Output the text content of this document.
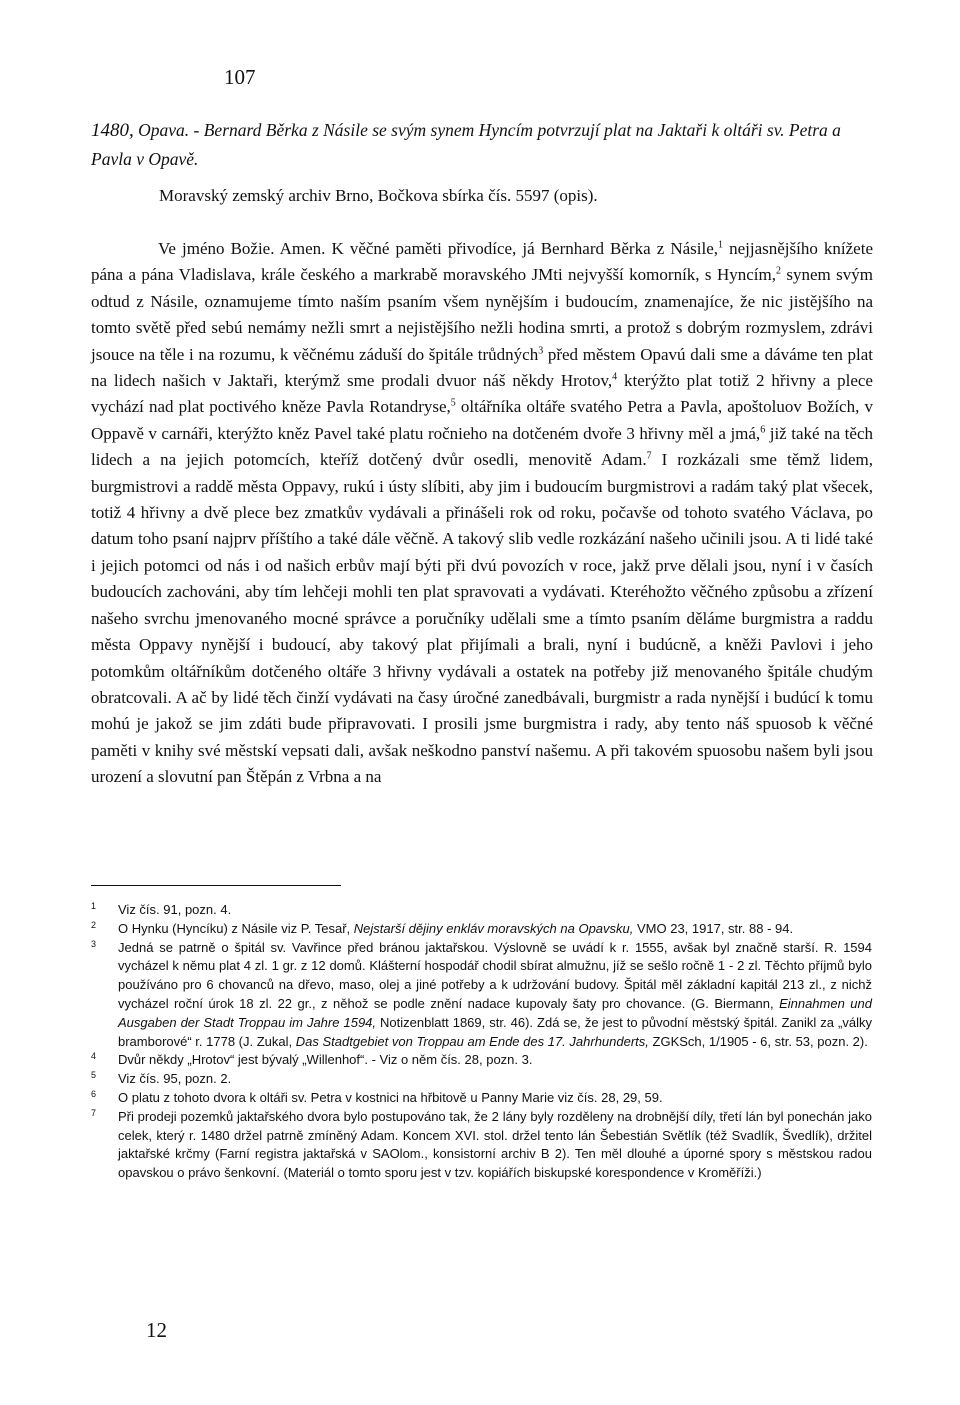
107
1480, Opava. - Bernard Běrka z Násile se svým synem Hyncím potvrzují plat na Jaktaři k oltáři sv. Petra a Pavla v Opavě.
Moravský zemský archiv Brno, Bočkova sbírka čís. 5597 (opis).
Ve jméno Božie. Amen. K věčné paměti přivodíce, já Bernhard Běrka z Násile,$^1$ nejjasnějšího knížete pána a pána Vladislava, krále českého a markrabě moravského JMti nejvyšší komorník, s Hyncím,$^2$ synem svým odtud z Násile, oznamujeme tímto naším psaním všem nynějším i budoucím, znamenajíce, že nic jistějšího na tomto světě před sebú nemámy nežli smrt a nejistějšího nežli hodina smrti, a protož s dobrým rozmyslem, zdrávi jsouce na těle i na rozumu, k věčnému záduší do špitále trůdných$^3$ před městem Opavú dali sme a dáváme ten plat na lidech našich v Jaktaři, kterýmž sme prodali dvuor náš někdy Hrotov,$^4$ kterýžto plat totiž 2 hřivny a plece vychází nad plat poctivého kněze Pavla Rotandryse,$^5$ oltářníka oltáře svatého Petra a Pavla, apoštoluov Božích, v Oppavě v carnáři, kterýžto kněz Pavel také platu ročnieho na dotčeném dvoře 3 hřivny měl a jmá,$^6$ již také na těch lidech a na jejich potomcích, kteříž dotčený dvůr osedli, menovitě Adam.$^7$ I rozkázali sme těmž lidem, burgmistrovi a raddě města Oppavy, rukú i ústy slíbiti, aby jim i budoucím burgmistrovi a radám taký plat všecek, totiž 4 hřivny a dvě plece bez zmatkův vydávali a přinášeli rok od roku, počavše od tohoto svatého Václava, po datum toho psaní najprv příštího a také dále věčně. A takový slib vedle rozkázání našeho učinili jsou. A ti lidé také i jejich potomci od nás i od našich erbův mají býti při dvú povozích v roce, jakž prve dělali jsou, nyní i v časích budoucích zachováni, aby tím lehčeji mohli ten plat spravovati a vydávati. Kteréhožto věčného způsobu a zřízení našeho svrchu jmenovaného mocné správce a poručníky udělali sme a tímto psaním děláme burgmistra a raddu města Oppavy nynější i budoucí, aby takový plat přijímali a brali, nyní i budúcně, a kněži Pavlovi i jeho potomkům oltářníkům dotčeného oltáře 3 hřivny vydávali a ostatek na potřeby již menovaného špitále chudým obratcovali. A ač by lidé těch činží vydávati na časy úročné zanedbávali, burgmistr a rada nynější i budúcí k tomu mohú je jakož se jim zdáti bude připravovati. I prosili jsme burgmistra i rady, aby tento náš spuosob k věčné paměti v knihy své městskí vepsati dali, avšak neškodno panství našemu. A při takovém spuosobu našem byli jsou urození a slovutní pan Štěpán z Vrbna a na
1 Viz čís. 91, pozn. 4.
2 O Hynku (Hyncíku) z Násile viz P. Tesař, Nejstarší dějiny enkláv moravských na Opavsku, VMO 23, 1917, str. 88 - 94.
3 Jedná se patrně o špitál sv. Vavřince před bránou jaktařskou. Výslovně se uvádí k r. 1555, avšak byl značně starší. R. 1594 vycházel k němu plat 4 zl. 1 gr. z 12 domů. Klášterní hospodář chodil sbírat almužnu, jíž se sešlo ročně 1 - 2 zl. Těchto příjmů bylo používáno pro 6 chovanců na dřevo, maso, olej a jiné potřeby a k udržování budovy. Špitál měl základní kapitál 213 zl., z nichž vycházel roční úrok 18 zl. 22 gr., z něhož se podle znění nadace kupovaly šaty pro chovance. (G. Biermann, Einnahmen und Ausgaben der Stadt Troppau im Jahre 1594, Notizenblatt 1869, str. 46). Zdá se, že jest to původní městský špitál. Zanikl za „války bramborové“ r. 1778 (J. Zukal, Das Stadtgebiet von Troppau am Ende des 17. Jahrhunderts, ZGKSch, 1/1905 - 6, str. 53, pozn. 2).
4 Dvůr někdy „Hrotov“ jest bývalý „Willenhof“. - Viz o něm čís. 28, pozn. 3.
5 Viz čís. 95, pozn. 2.
6 O platu z tohoto dvora k oltáři sv. Petra v kostnici na hřbitově u Panny Marie viz čís. 28, 29, 59.
7 Při prodeji pozemků jaktařského dvora bylo postupováno tak, že 2 lány byly rozděleny na drobnější díly, třetí lán byl ponechán jako celek, který r. 1480 držel patrně zmíněný Adam. Koncem XVI. stol. držel tento lán Šebestián Světlík (též Svadlík, Švedlík), držitel jaktařské krčmy (Farní registra jaktařská v SAOlom., konsistorní archiv B 2). Ten měl dlouhé a úporné spory s městskou radou opavskou o právo šenkovní. (Materiál o tomto sporu jest v tzv. kopiářích biskupské korespondence v Kroměříži.)
12
